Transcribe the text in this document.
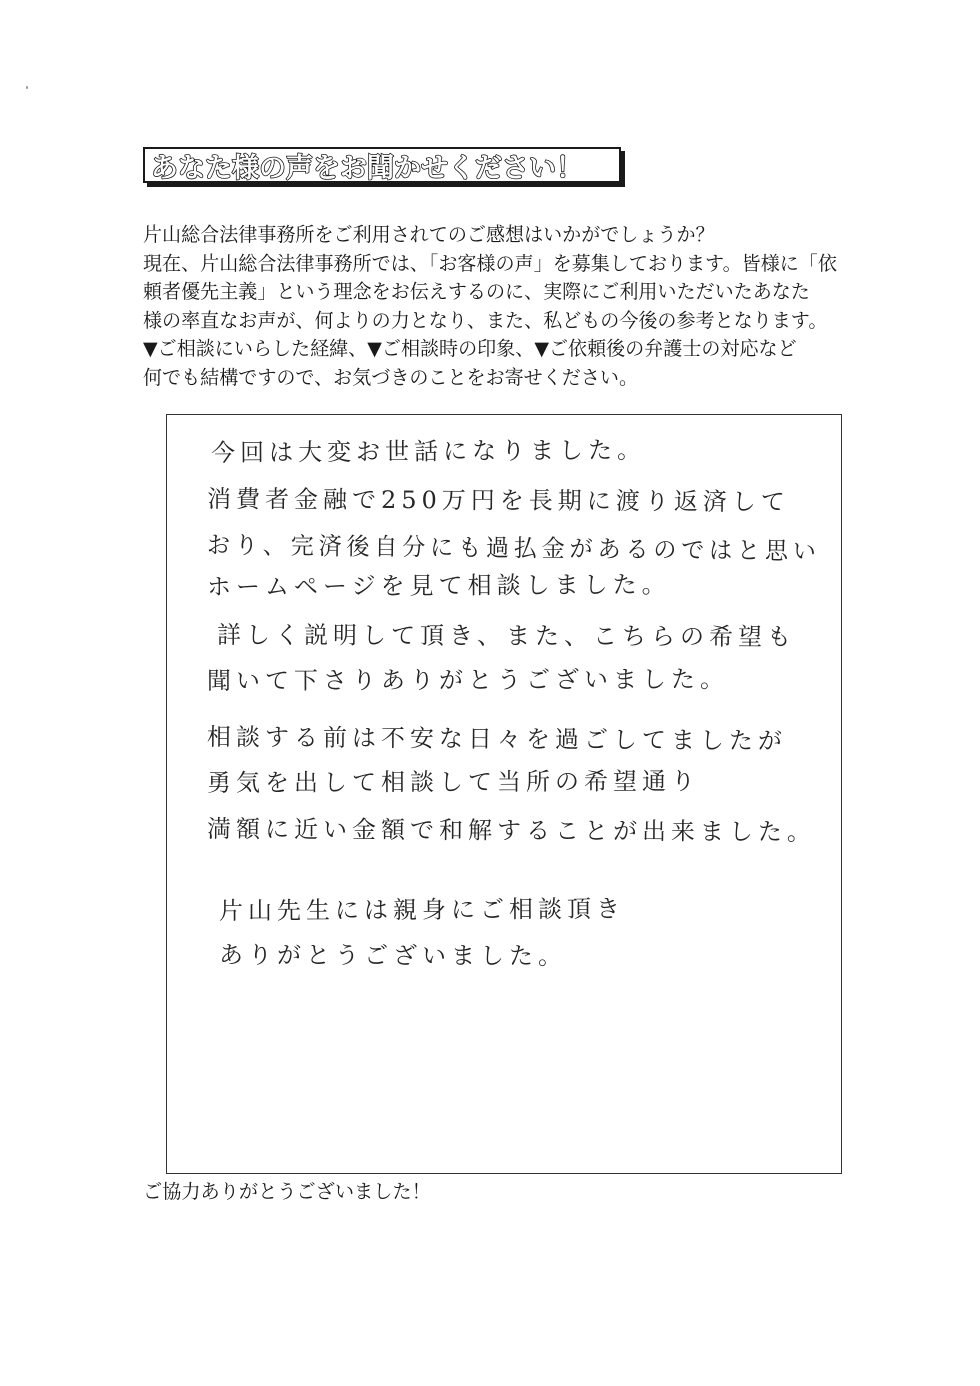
あなた様の声をお聞かせください！
片山総合法律事務所をご利用されてのご感想はいかがでしょうか？
現在、片山総合法律事務所では、「お客様の声」を募集しております。皆様に「依
頼者優先主義」という理念をお伝えするのに、実際にご利用いただいたあなた
様の率直なお声が、何よりの力となり、また、私どもの今後の参考となります。
▼ご相談にいらした経緯、▼ご相談時の印象、▼ご依頼後の弁護士の対応など
何でも結構ですので、お気づきのことをお寄せください。
今回は大変お世話になりました。
消費者金融で250万円を長期に渡り返済して
おり、完済後自分にも過払金があるのではと思い
ホームページを見て相談しました。
詳しく説明して頂き、また、こちらの希望も
聞いて下さりありがとうございました。
相談する前は不安な日々を過ごしてましたが
勇気を出して相談して当所の希望通り
満額に近い金額で和解することが出来ました。
片山先生には親身にご相談頂き
ありがとうございました。
ご協力ありがとうございました！
